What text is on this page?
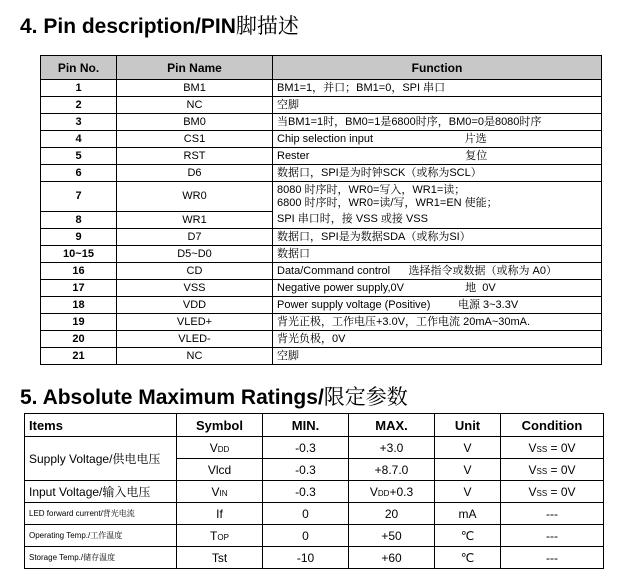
4. Pin description/PIN脚描述
Pin No.	Pin Name	Function
1	BM1	BM1=1，并口；BM1=0，SPI 串口
2	NC	空脚
3	BM0	当BM1=1时，BM0=1是6800时序，BM0=0是8080时序
4	CS1	Chip selection input                              片选
5	RST	Rester                                                   复位
6	D6	数据口，SPI是为时钟SCK（或称为SCL）
7	WR0	8080 时序时，WR0=写入，WR1=读；
6800 时序时，WR0=读/写，WR1=EN 使能；

8	WR1	SPI 串口时，接 VSS 或接 VSS
9	D7	数据口，SPI是为数据SDA（或称为SI）
10~15	D5~D0	数据口
16	CD	Data/Command control      选择指令或数据（或称为 A0）
17	VSS	Negative power supply,0V                    地  0V
18	VDD	Power supply voltage (Positive)         电源 3~3.3V
19	VLED+	背光正极，工作电压+3.0V，工作电流 20mA~30mA.
20	VLED-	背光负极，0V
21	NC	空脚
5. Absolute Maximum Ratings/限定参数
Items	Symbol	MIN.	MAX.	Unit	Condition
Supply Voltage/供电电压	VDD	-0.3	+3.0	V	VSS = 0V
	Vlcd	-0.3	+8.7.0	V	VSS = 0V
Input Voltage/输入电压	VIN	-0.3	VDD+0.3	V	VSS = 0V
LED forward current/背光电流	If	0	20	mA	---
Operating Temp./工作温度	TOP	0	+50	℃	---
Storage Temp./储存温度	Tst	-10	+60	℃	---
